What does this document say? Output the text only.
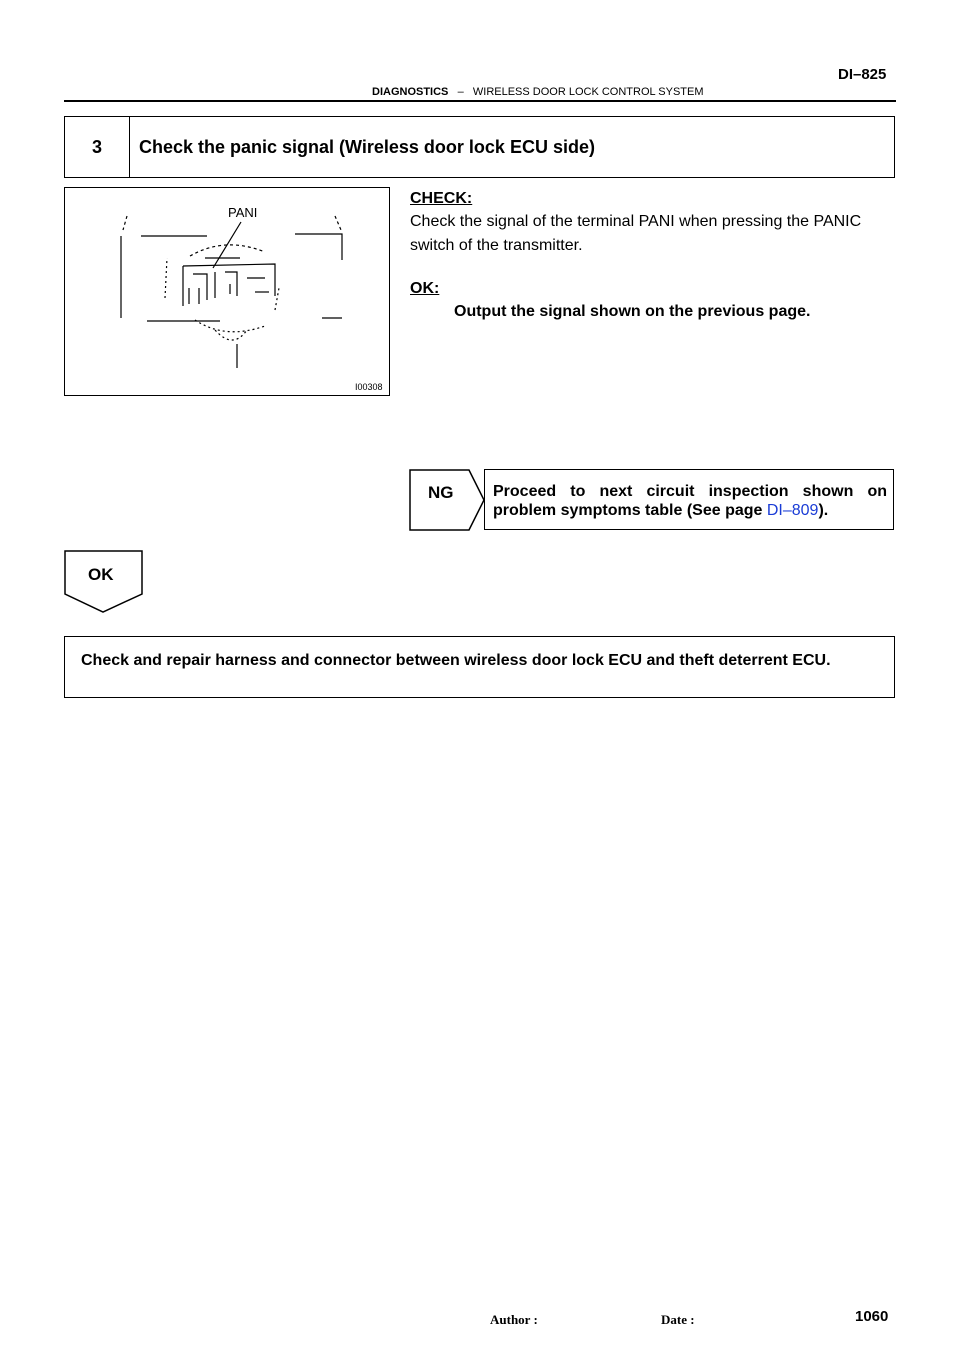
DI–825
DIAGNOSTICS – WIRELESS DOOR LOCK CONTROL SYSTEM
3	Check the panic signal (Wireless door lock ECU side)
PANI
I00308
CHECK:
Check the signal of the terminal PANI when pressing the PANIC switch of the transmitter.
OK:
Output the signal shown on the previous page.
NG Proceed to next circuit inspection shown on problem symptoms table (See page DI–809).
OK
Check and repair harness and connector between wireless door lock ECU and theft deterrent ECU.
Author :	Date :	1060
